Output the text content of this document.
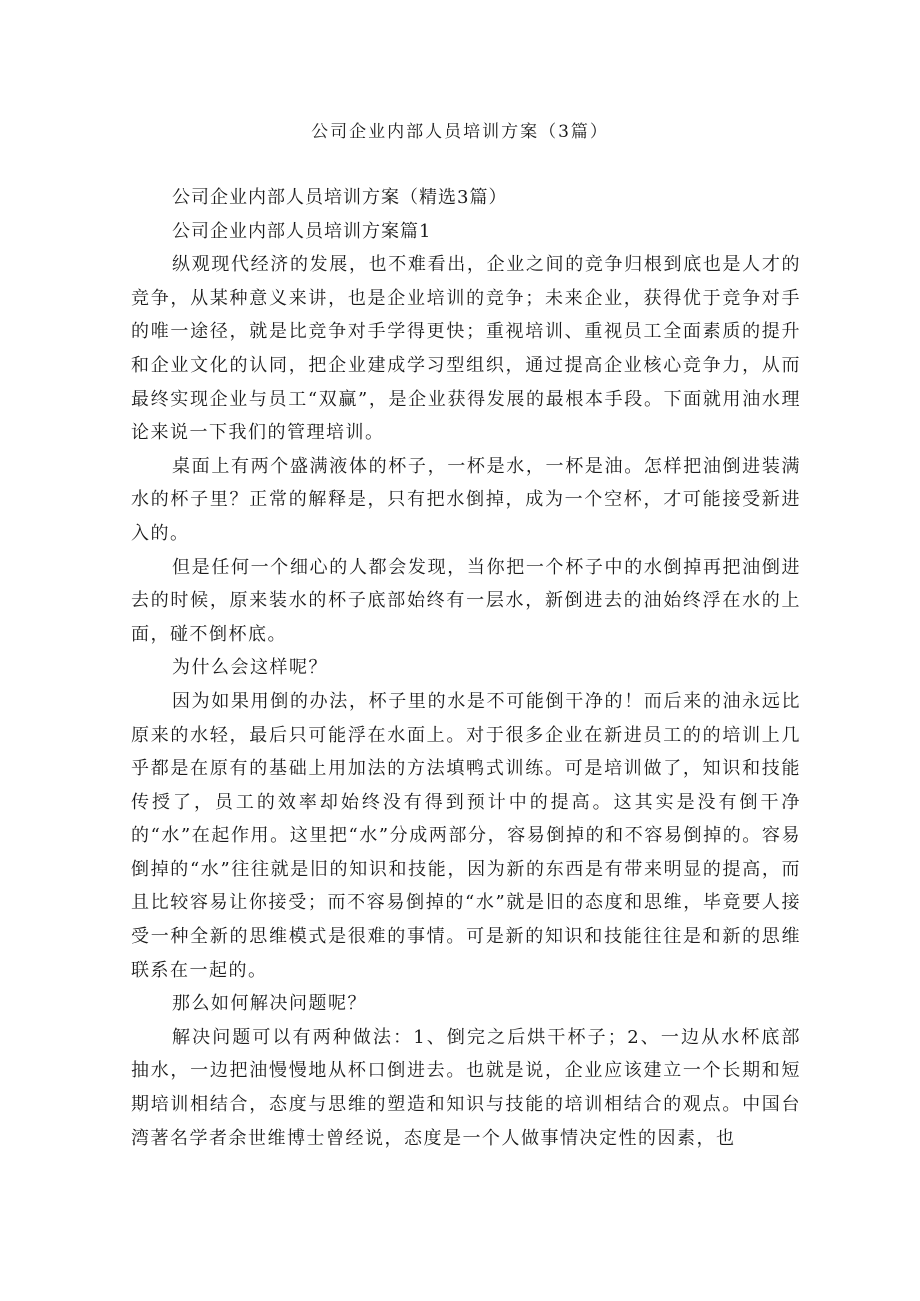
公司企业内部人员培训方案（3篇）

公司企业内部人员培训方案（精选3篇）

公司企业内部人员培训方案篇1

纵观现代经济的发展，也不难看出，企业之间的竞争归根到底也是人才的竞争，从某种意义来讲，也是企业培训的竞争；未来企业，获得优于竞争对手的唯一途径，就是比竞争对手学得更快；重视培训、重视员工全面素质的提升和企业文化的认同，把企业建成学习型组织，通过提高企业核心竞争力，从而最终实现企业与员工“双赢”，是企业获得发展的最根本手段。下面就用油水理论来说一下我们的管理培训。

桌面上有两个盛满液体的杯子，一杯是水，一杯是油。怎样把油倒进装满水的杯子里？正常的解释是，只有把水倒掉，成为一个空杯，才可能接受新进入的。

但是任何一个细心的人都会发现，当你把一个杯子中的水倒掉再把油倒进去的时候，原来装水的杯子底部始终有一层水，新倒进去的油始终浮在水的上面，碰不倒杯底。

为什么会这样呢？

因为如果用倒的办法，杯子里的水是不可能倒干净的！而后来的油永远比原来的水轻，最后只可能浮在水面上。对于很多企业在新进员工的的培训上几乎都是在原有的基础上用加法的方法填鸭式训练。可是培训做了，知识和技能传授了，员工的效率却始终没有得到预计中的提高。这其实是没有倒干净的“水”在起作用。这里把“水”分成两部分，容易倒掉的和不容易倒掉的。容易倒掉的“水”往往就是旧的知识和技能，因为新的东西是有带来明显的提高，而且比较容易让你接受；而不容易倒掉的“水”就是旧的态度和思维，毕竟要人接受一种全新的思维模式是很难的事情。可是新的知识和技能往往是和新的思维联系在一起的。

那么如何解决问题呢？

解决问题可以有两种做法：1、倒完之后烘干杯子；2、一边从水杯底部抽水，一边把油慢慢地从杯口倒进去。也就是说，企业应该建立一个长期和短期培训相结合，态度与思维的塑造和知识与技能的培训相结合的观点。中国台湾著名学者余世维博士曾经说，态度是一个人做事情决定性的因素，也
